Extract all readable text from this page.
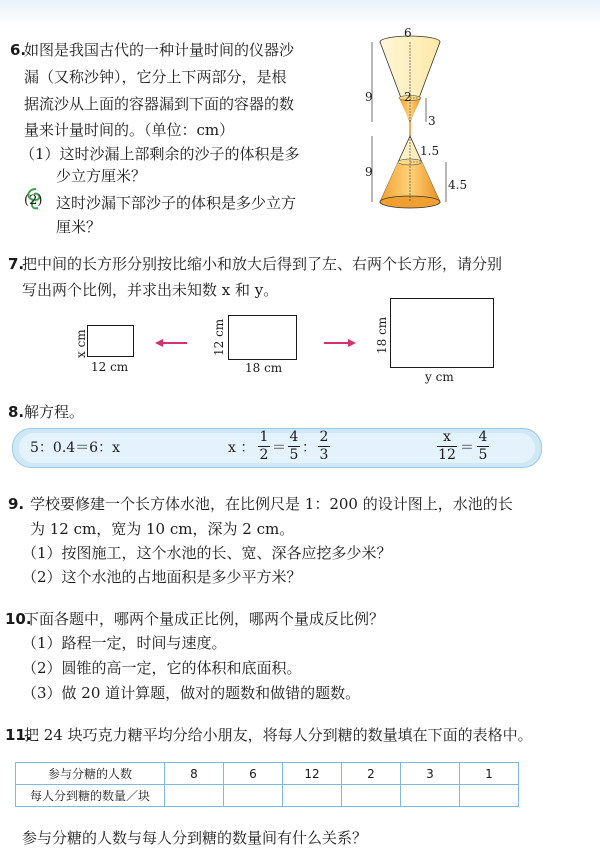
6.
如图是我国古代的一种计量时间的仪器沙
漏（又称沙钟），它分上下两部分，是根
据流沙从上面的容器漏到下面的容器的数
量来计量时间的。（单位：cm）
（1）这时沙漏上部剩余的沙子的体积是多
少立方厘米？
(2) 这时沙漏下部沙子的体积是多少立方
厘米？
6
9	2
3
9
1.5
4.5
7.
把中间的长方形分别按比缩小和放大后得到了左、右两个长方形，请分别
写出两个比例，并求出未知数 x 和 y。
x cm
12 cm
12 cm
18 cm
18 cm
y cm
8. 解方程。
5：0.4＝6：x	x ：
1
2 ＝
4
5 ：
2
3
x
12 ＝
4
5
9. 学校要修建一个长方体水池，在比例尺是 1：200 的设计图上，水池的长
为 12 cm，宽为 10 cm，深为 2 cm。
（1）按图施工，这个水池的长、宽、深各应挖多少米？
（2）这个水池的占地面积是多少平方米？
10.
下面各题中，哪两个量成正比例，哪两个量成反比例？
（1）路程一定，时间与速度。
（2）圆锥的高一定，它的体积和底面积。
（3）做 20 道计算题，做对的题数和做错的题数。
11.
把 24 块巧克力糖平均分给小朋友，将每人分到糖的数量填在下面的表格中。
参与分糖的人数	8	6	12	2	3	1
每人分到糖的数量／块						
参与分糖的人数与每人分到糖的数量间有什么关系？
